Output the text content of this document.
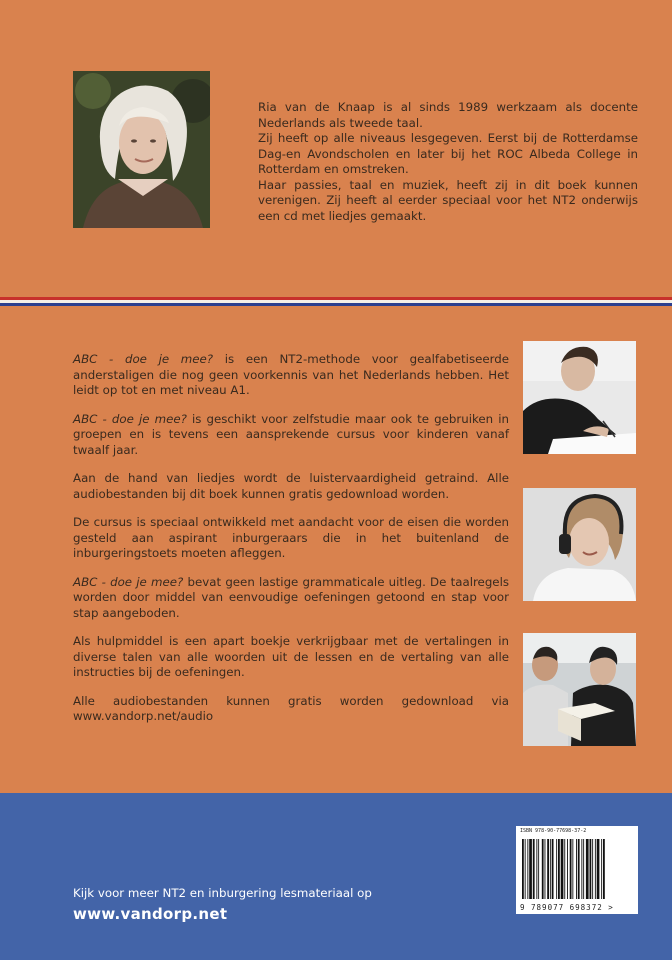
Ria van de Knaap is al sinds 1989 werkzaam als docente Nederlands als tweede taal.

Zij heeft op alle niveaus lesgegeven. Eerst bij de Rotterdamse Dag-en Avondscholen en later bij het ROC Albeda College in Rotterdam en omstreken.

Haar passies, taal en muziek, heeft zij in dit boek kunnen verenigen. Zij heeft al eerder speciaal voor het NT2 onderwijs een cd met liedjes gemaakt.

ABC - doe je mee? is een NT2-methode voor gealfabetiseerde anderstaligen die nog geen voorkennis van het Nederlands hebben. Het leidt op tot en met niveau A1.

ABC - doe je mee? is geschikt voor zelfstudie maar ook te gebruiken in groepen en is tevens een aansprekende cursus voor kinderen vanaf twaalf jaar.

Aan de hand van liedjes wordt de luistervaardigheid getraind. Alle audiobestanden bij dit boek kunnen gratis gedownload worden.

De cursus is speciaal ontwikkeld met aandacht voor de eisen die worden gesteld aan aspirant inburgeraars die in het buitenland de inburgeringstoets moeten afleggen.

ABC - doe je mee? bevat geen lastige grammaticale uitleg. De taalregels worden door middel van eenvoudige oefeningen getoond en stap voor stap aangeboden.

Als hulpmiddel is een apart boekje verkrijgbaar met de vertalingen in diverse talen van alle woorden uit de lessen en de vertaling van alle instructies bij de oefeningen.

Alle audiobestanden kunnen gratis worden gedownload via www.vandorp.net/audio

Kijk voor meer NT2 en inburgering lesmateriaal op
www.vandorp.net
ISBN 978-90-77698-37-2
9 789077 698372 >
